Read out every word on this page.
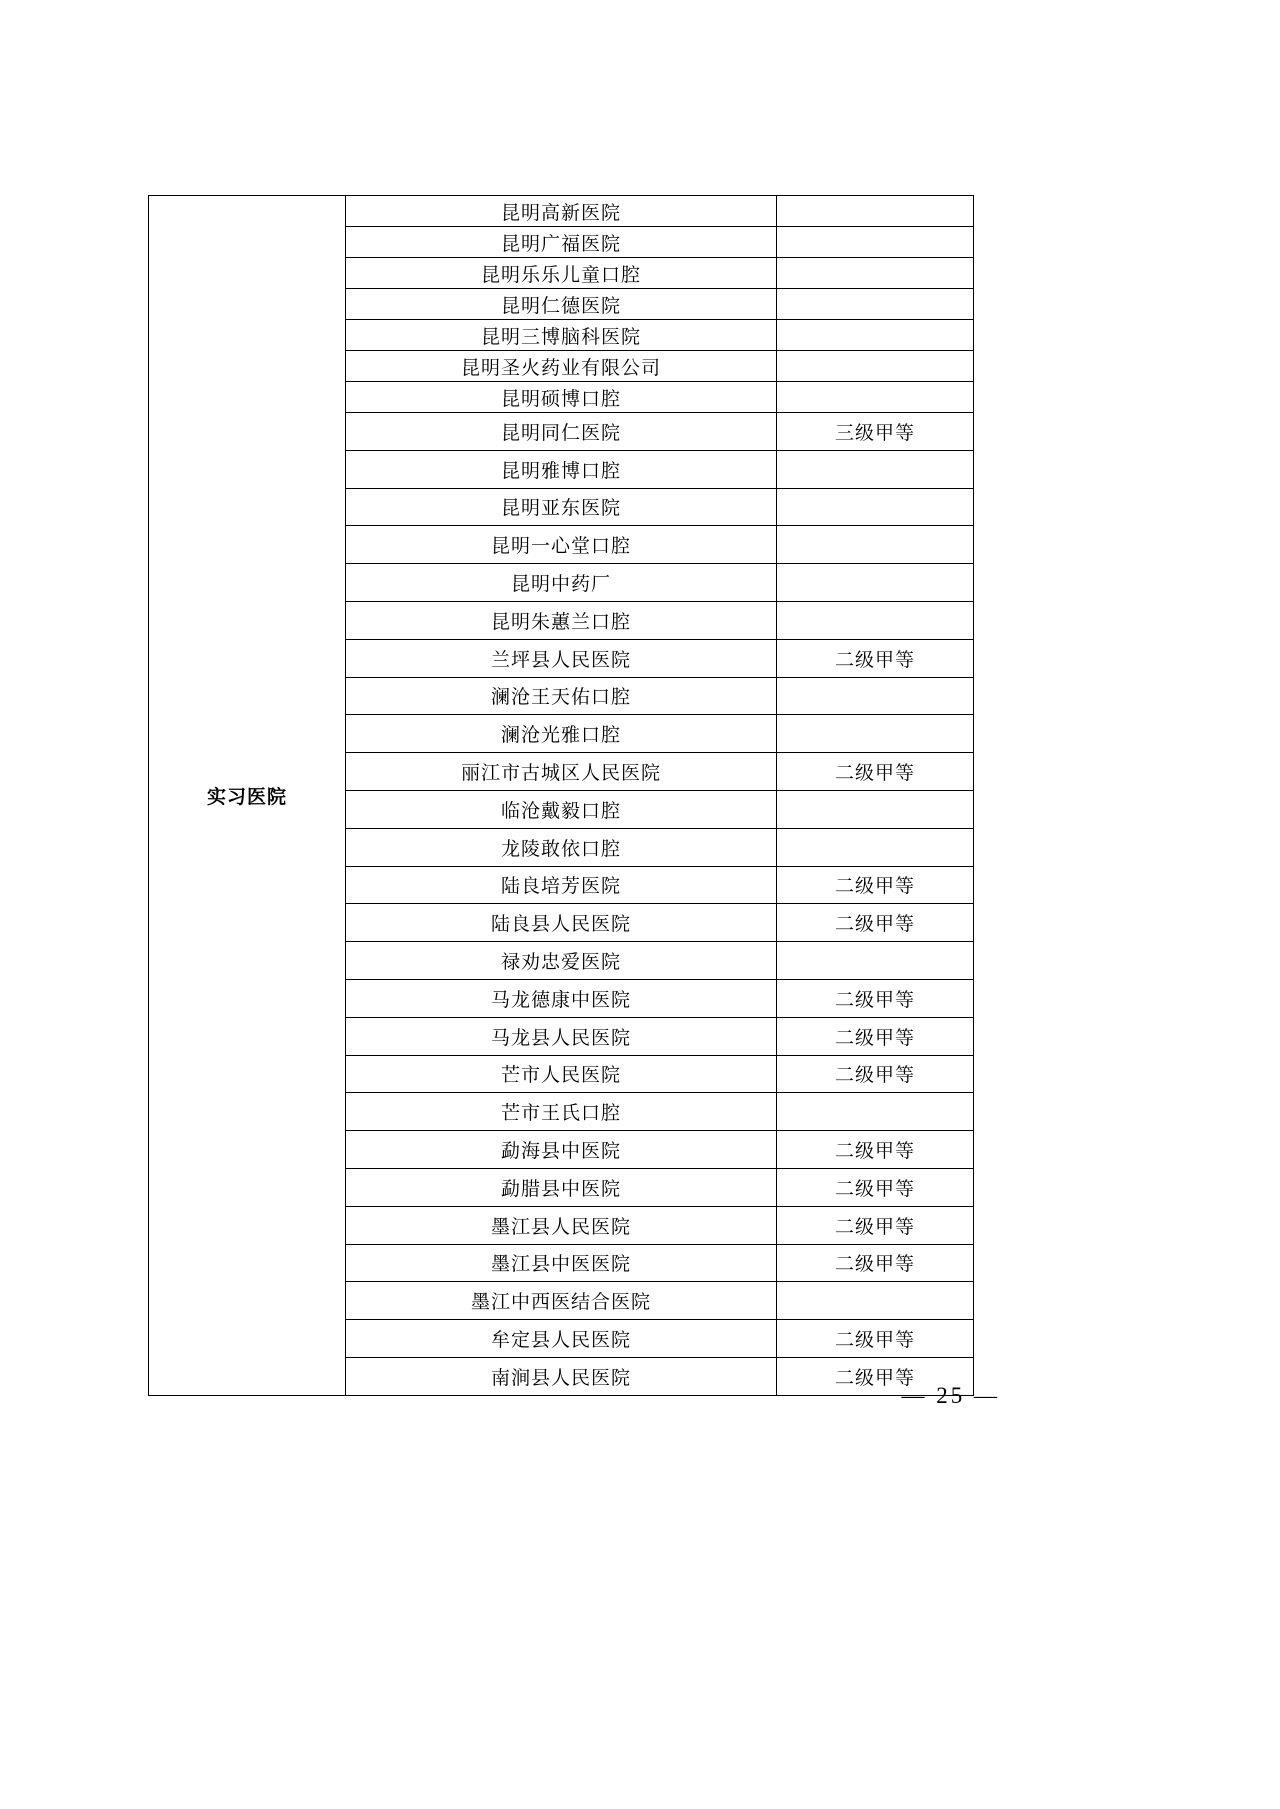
实习医院	昆明高新医院	
	昆明广福医院	
	昆明乐乐儿童口腔	
	昆明仁德医院	
	昆明三博脑科医院	
	昆明圣火药业有限公司	
	昆明硕博口腔	
	昆明同仁医院	三级甲等
	昆明雅博口腔	
	昆明亚东医院	
	昆明一心堂口腔	
	昆明中药厂	
	昆明朱蕙兰口腔	
	兰坪县人民医院	二级甲等
	澜沧王天佑口腔	
	澜沧光雅口腔	
	丽江市古城区人民医院	二级甲等
	临沧戴毅口腔	
	龙陵敢依口腔	
	陆良培芳医院	二级甲等
	陆良县人民医院	二级甲等
	禄劝忠爱医院	
	马龙德康中医院	二级甲等
	马龙县人民医院	二级甲等
	芒市人民医院	二级甲等
	芒市王氏口腔	
	勐海县中医院	二级甲等
	勐腊县中医院	二级甲等
	墨江县人民医院	二级甲等
	墨江县中医医院	二级甲等
	墨江中西医结合医院	
	牟定县人民医院	二级甲等
	南涧县人民医院	二级甲等
— 25 —
